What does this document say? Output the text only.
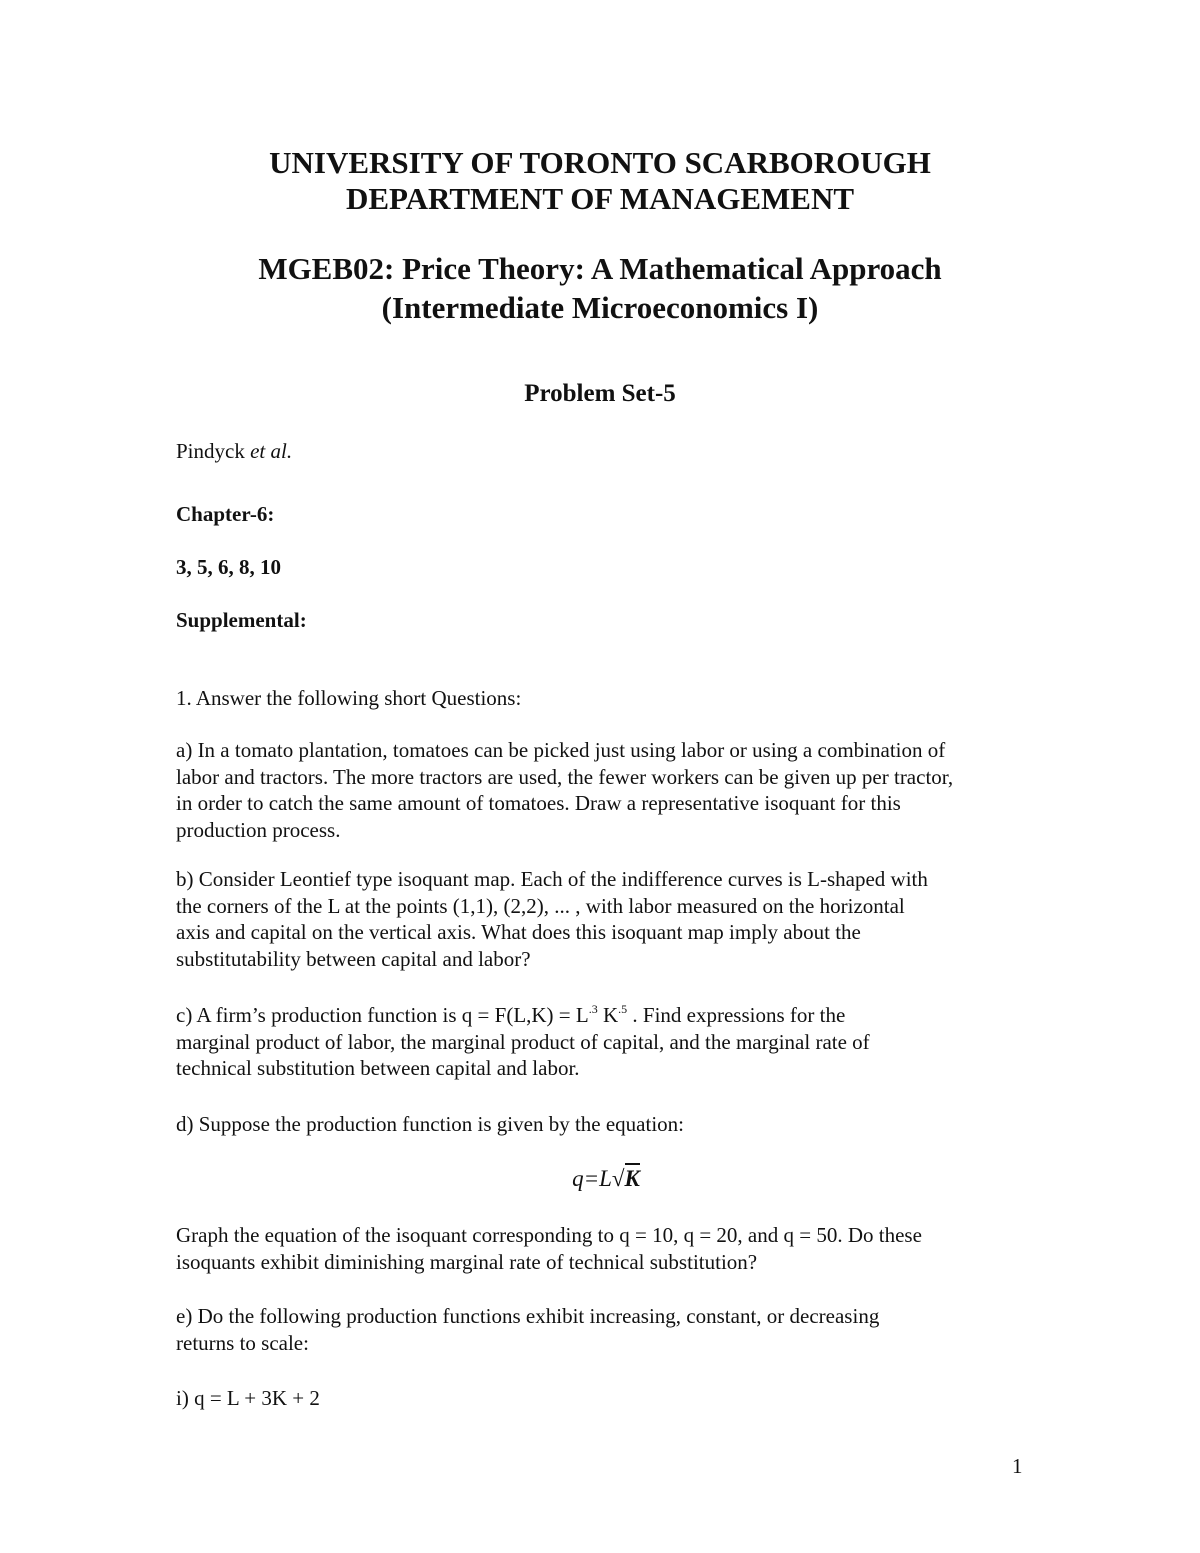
UNIVERSITY OF TORONTO SCARBOROUGH
DEPARTMENT OF MANAGEMENT
MGEB02: Price Theory: A Mathematical Approach
(Intermediate Microeconomics I)
Problem Set-5
Pindyck et al.
Chapter-6:
3, 5, 6, 8, 10
Supplemental:
1. Answer the following short Questions:
a) In a tomato plantation, tomatoes can be picked just using labor or using a combination of
labor and tractors. The more tractors are used, the fewer workers can be given up per tractor,
in order to catch the same amount of tomatoes. Draw a representative isoquant for this
production process.
b) Consider Leontief type isoquant map. Each of the indifference curves is L-shaped with
the corners of the L at the points (1,1), (2,2), ... , with labor measured on the horizontal
axis and capital on the vertical axis. What does this isoquant map imply about the
substitutability between capital and labor?
c) A firm’s production function is $q = F(L,K) = L^{.3}$ $K^{.5}$ . Find expressions for the
marginal product of labor, the marginal product of capital, and the marginal rate of
technical substitution between capital and labor.
d) Suppose the production function is given by the equation:
q=L√K
Graph the equation of the isoquant corresponding to q = 10, q = 20, and q = 50. Do these
isoquants exhibit diminishing marginal rate of technical substitution?
e) Do the following production functions exhibit increasing, constant, or decreasing
returns to scale:
i) q = L + 3K + 2
1
